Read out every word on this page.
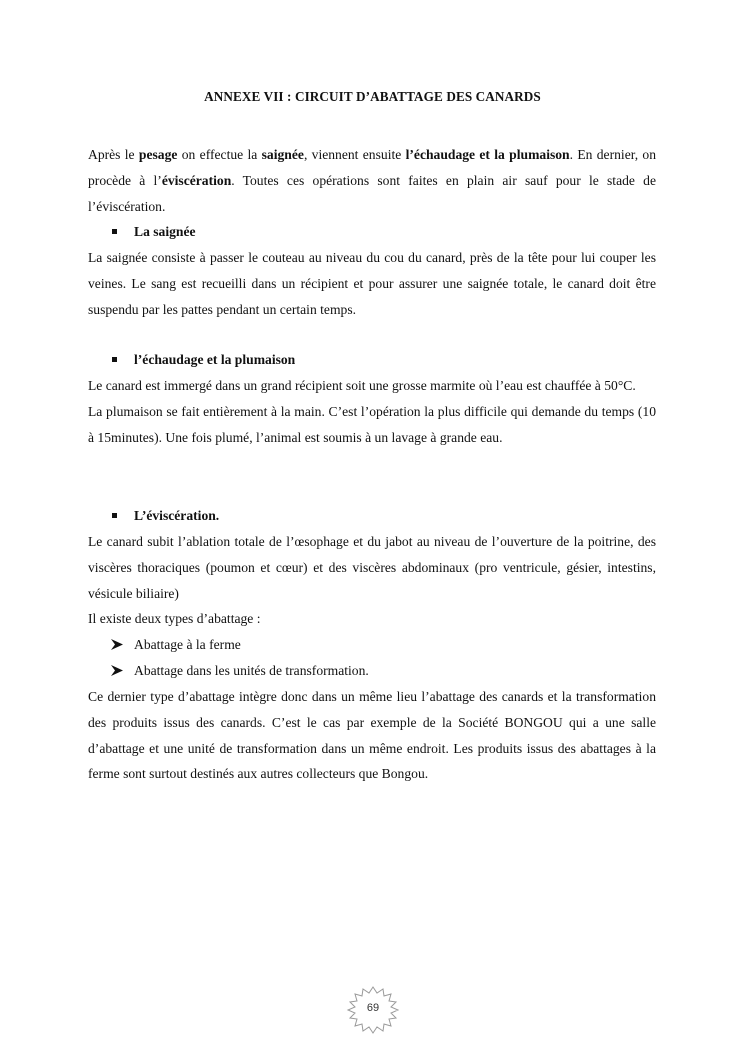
ANNEXE VII : CIRCUIT D’ABATTAGE DES CANARDS

Après le pesage on effectue la saignée, viennent ensuite l’échaudage et la plumaison. En dernier, on procède à l’éviscération. Toutes ces opérations sont faites en plain air sauf pour le stade de l’éviscération.

La saignée

La saignée consiste à passer le couteau au niveau du cou du canard, près de la tête pour lui couper les veines. Le sang est recueilli dans un récipient et pour assurer une saignée totale, le canard doit être suspendu par les pattes pendant un certain temps.

l’échaudage et la plumaison

Le canard est immergé dans un grand récipient soit une grosse marmite où l’eau est chauffée à 50°C.

La plumaison se fait entièrement à la main. C’est l’opération la plus difficile qui demande du temps (10 à 15minutes). Une fois plumé, l’animal est soumis à un lavage à grande eau.

L’éviscération.

Le canard subit l’ablation totale de l’œsophage et du jabot au niveau de l’ouverture de la poitrine, des viscères thoraciques (poumon et cœur) et des viscères abdominaux (pro ventricule, gésier, intestins, vésicule biliaire)

Il existe deux types d’abattage :

Abattage à la ferme
Abattage dans les unités de transformation.

Ce dernier type d’abattage intègre donc dans un même lieu l’abattage des canards et la transformation des produits issus des canards. C’est le cas par exemple de la Société BONGOU qui a une salle d’abattage et une unité de transformation dans un même endroit. Les produits issus des abattages à la ferme sont surtout destinés aux autres collecteurs que Bongou.

69
